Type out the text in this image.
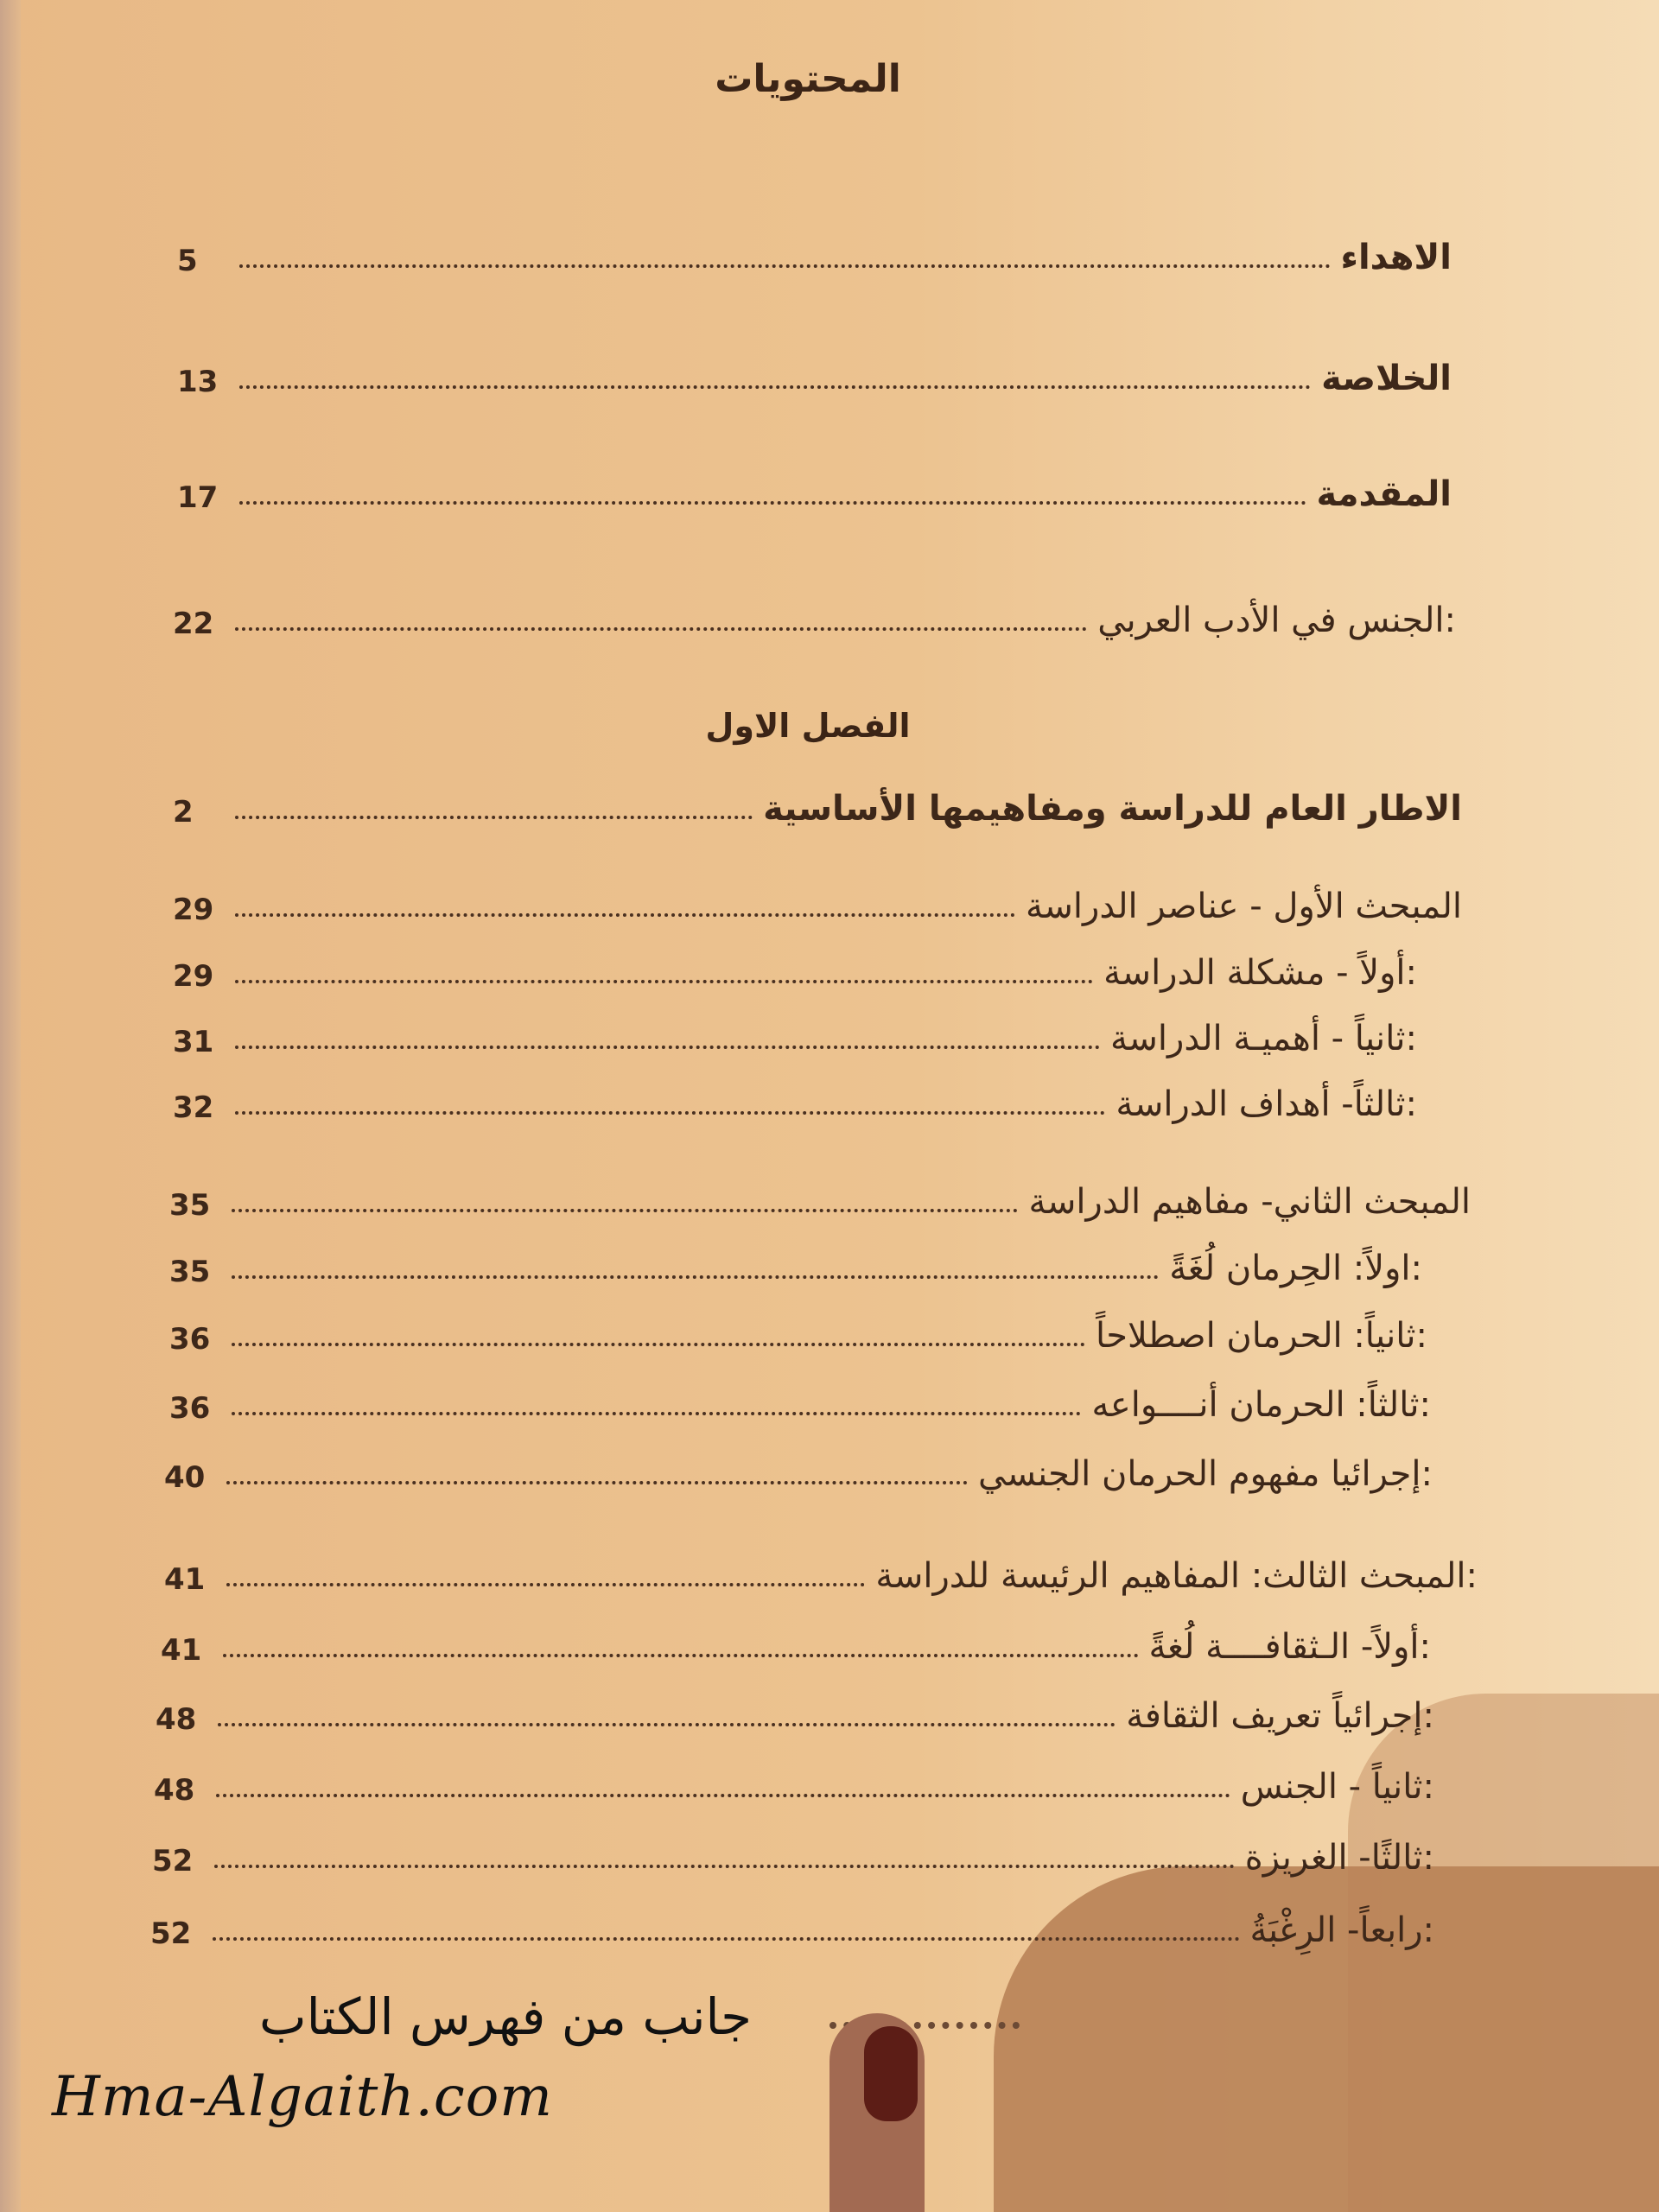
المحتويات
الاهداء
5
الخلاصة
13
المقدمة
17
الجنس في الأدب العربي:
22
الفصل الاول
الاطار العام للدراسة ومفاهيمها الأساسية
2
المبحث الأول - عناصر الدراسة
29
أولاً - مشكلة الدراسة:
29
ثانياً - أهميـة الدراسة:
31
ثالثاً- أهداف الدراسة:
32
المبحث الثاني- مفاهيم الدراسة
35
اولاً: الحِرمان لُغَةً:
35
ثانياً: الحرمان اصطلاحاً:
36
ثالثاً: الحرمان أنــــواعه:
36
إجرائيا مفهوم الحرمان الجنسي:
40
المبحث الثالث: المفاهيم الرئيسة للدراسة:
41
أولاً- الـثقافــــة لُغةً:
41
إجرائياً تعريف الثقافة:
48
ثانياً - الجنس:
48
ثالثًا- الغريزة:
52
رابعاً- الرِغْبَةُ:
52
جانب من فهرس الكتاب
Hma-Algaith.com
